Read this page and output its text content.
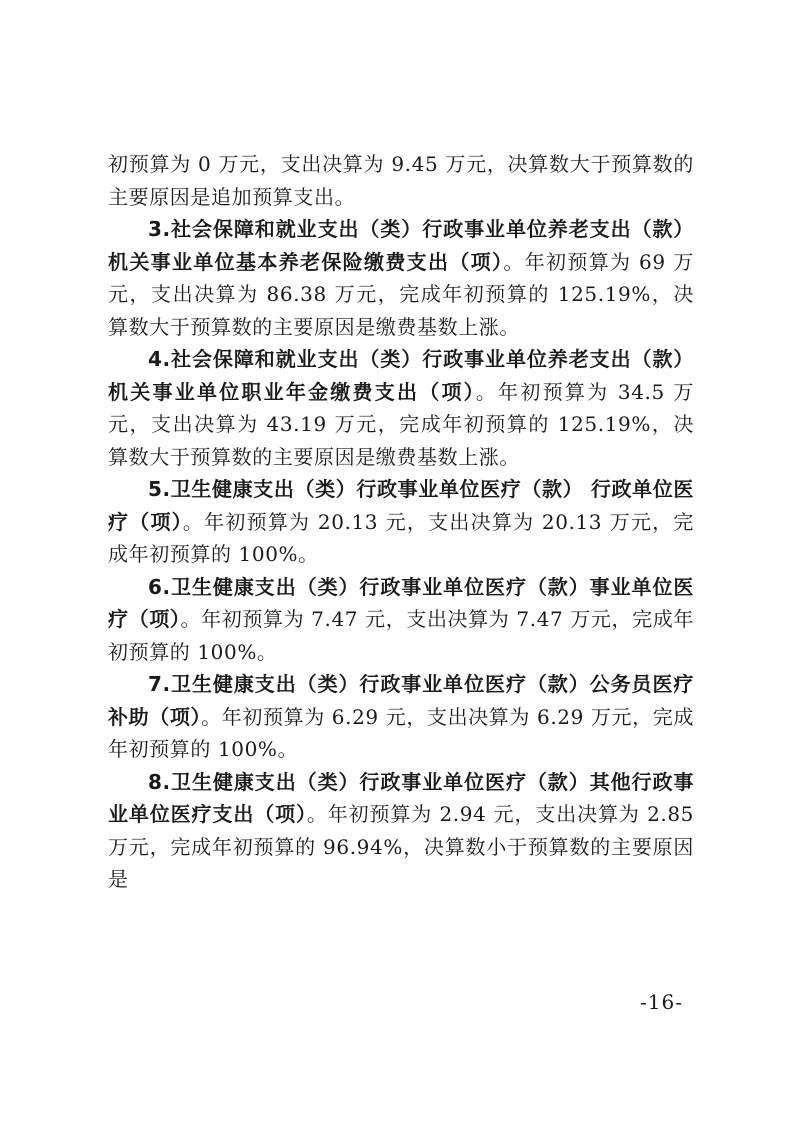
初预算为 0 万元，支出决算为 9.45 万元，决算数大于预算数的主要原因是追加预算支出。

3.社会保障和就业支出（类）行政事业单位养老支出（款）机关事业单位基本养老保险缴费支出（项）。年初预算为 69 万元，支出决算为 86.38 万元，完成年初预算的 125.19%，决算数大于预算数的主要原因是缴费基数上涨。

4.社会保障和就业支出（类）行政事业单位养老支出（款）机关事业单位职业年金缴费支出（项）。年初预算为 34.5 万元，支出决算为 43.19 万元，完成年初预算的 125.19%，决算数大于预算数的主要原因是缴费基数上涨。

5.卫生健康支出（类）行政事业单位医疗（款） 行政单位医疗（项）。年初预算为 20.13 元，支出决算为 20.13 万元，完成年初预算的 100%。

6.卫生健康支出（类）行政事业单位医疗（款）事业单位医疗（项）。年初预算为 7.47 元，支出决算为 7.47 万元，完成年初预算的 100%。

7.卫生健康支出（类）行政事业单位医疗（款）公务员医疗补助（项）。年初预算为 6.29 元，支出决算为 6.29 万元，完成年初预算的 100%。

8.卫生健康支出（类）行政事业单位医疗（款）其他行政事业单位医疗支出（项）。年初预算为 2.94 元，支出决算为 2.85 万元，完成年初预算的 96.94%，决算数小于预算数的主要原因是

-16-
